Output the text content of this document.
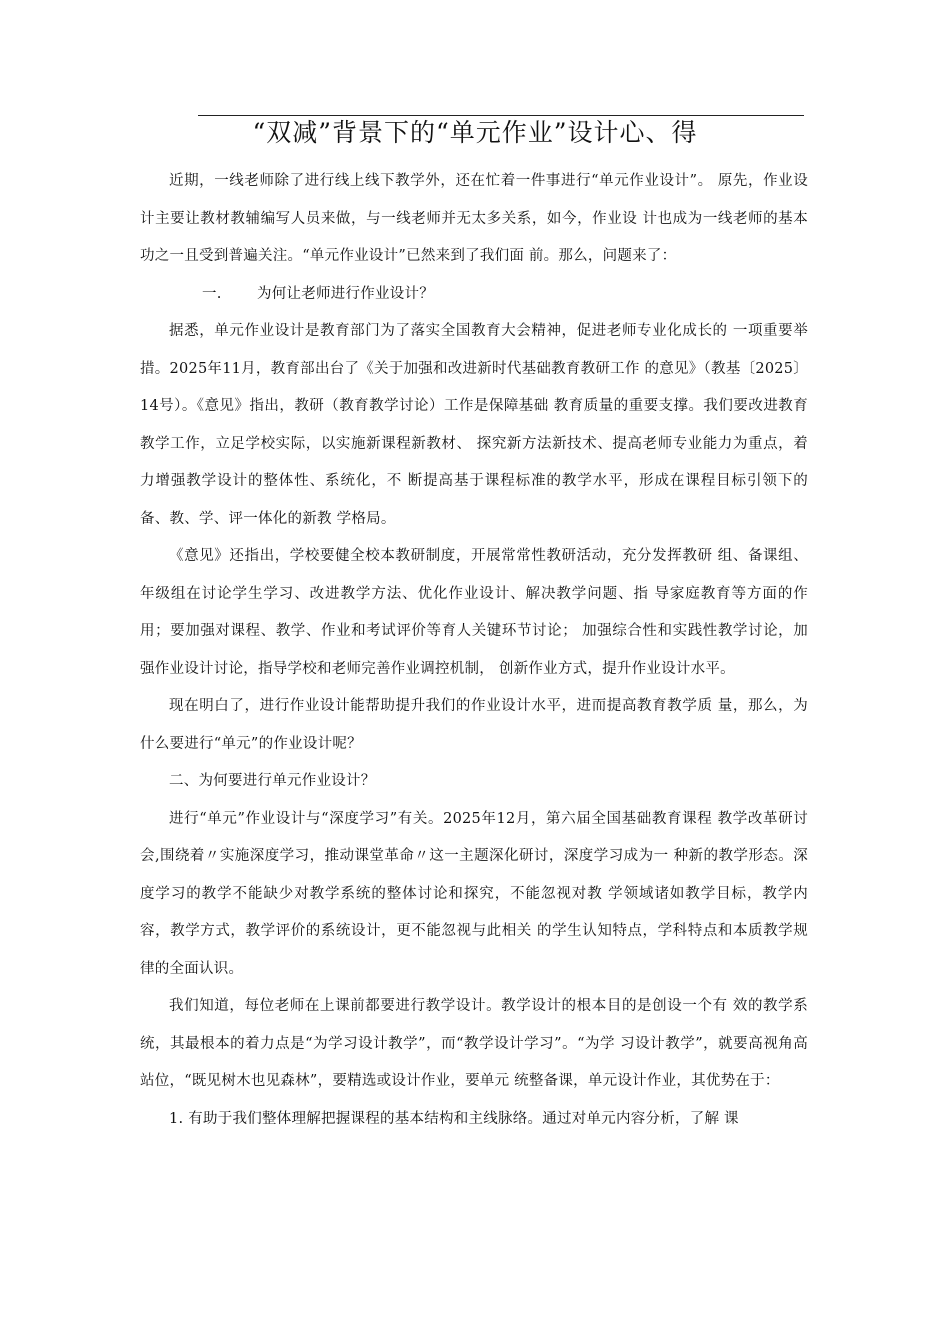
“双减”背景下的“单元作业”设计心、得

近期，一线老师除了进行线上线下教学外，还在忙着一件事进行“单元作业设计”。 原先，作业设计主要让教材教辅编写人员来做，与一线老师并无太多关系，如今，作业设 计也成为一线老师的基本功之一且受到普遍关注。“单元作业设计”已然来到了我们面 前。那么，问题来了：

一. 为何让老师进行作业设计？

据悉，单元作业设计是教育部门为了落实全国教育大会精神，促进老师专业化成长的 一项重要举措。2025年11月，教育部出台了《关于加强和改进新时代基础教育教研工作 的意见》（教基〔2025〕14号）。《意见》指出，教研（教育教学讨论）工作是保障基础 教育质量的重要支撑。我们要改进教育教学工作，立足学校实际，以实施新课程新教材、 探究新方法新技术、提高老师专业能力为重点，着力增强教学设计的整体性、系统化，不 断提高基于课程标准的教学水平，形成在课程目标引领下的备、教、学、评一体化的新教 学格局。

《意见》还指出，学校要健全校本教研制度，开展常常性教研活动，充分发挥教研 组、备课组、年级组在讨论学生学习、改进教学方法、优化作业设计、解决教学问题、指 导家庭教育等方面的作用；要加强对课程、教学、作业和考试评价等育人关键环节讨论； 加强综合性和实践性教学讨论，加强作业设计讨论，指导学校和老师完善作业调控机制， 创新作业方式，提升作业设计水平。

现在明白了，进行作业设计能帮助提升我们的作业设计水平，进而提高教育教学质 量，那么，为什么要进行“单元”的作业设计呢？

二、为何要进行单元作业设计？

进行“单元”作业设计与“深度学习”有关。2025年12月，第六届全国基础教育课程 教学改革研讨会,围绕着〃实施深度学习，推动课堂革命〃这一主题深化研讨，深度学习成为一 种新的教学形态。深度学习的教学不能缺少对教学系统的整体讨论和探究，不能忽视对教 学领域诸如教学目标，教学内容，教学方式，教学评价的系统设计，更不能忽视与此相关 的学生认知特点，学科特点和本质教学规律的全面认识。

我们知道，每位老师在上课前都要进行教学设计。教学设计的根本目的是创设一个有 效的教学系统，其最根本的着力点是“为学习设计教学”，而“教学设计学习”。“为学 习设计教学”，就要高视角高站位，“既见树木也见森林”，要精选或设计作业，要单元 统整备课，单元设计作业，其优势在于：

1. 有助于我们整体理解把握课程的基本结构和主线脉络。通过对单元内容分析，了解 课
